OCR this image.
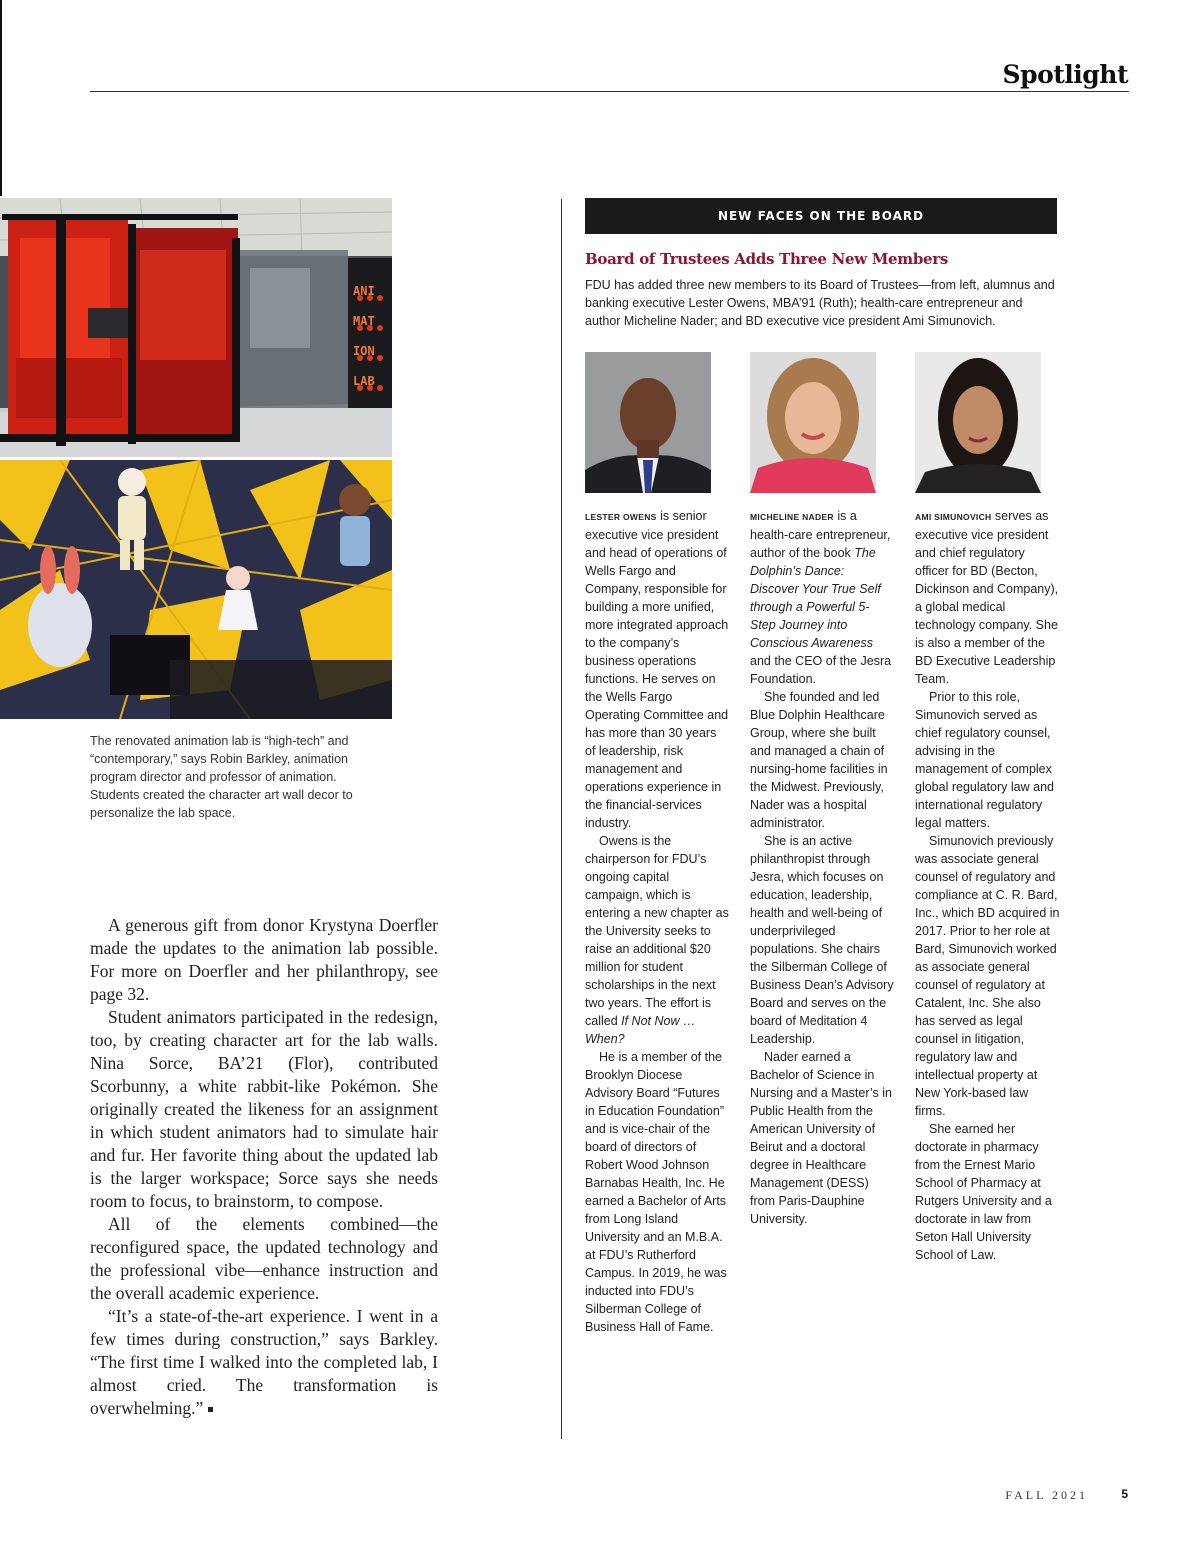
Spotlight
ANI
MAT
ION
LAB

The renovated animation lab is “high-tech” and “contemporary,” says Robin Barkley, animation program director and professor of animation. Students created the character art wall decor to personalize the lab space.

A generous gift from donor Krystyna Doerfler made the updates to the animation lab possible. For more on Doerfler and her philanthropy, see page 32.

Student animators participated in the redesign, too, by creating character art for the lab walls. Nina Sorce, BA’21 (Flor), contributed Scorbunny, a white rabbit-like Pokémon. She originally created the likeness for an assignment in which student animators had to simulate hair and fur. Her favorite thing about the updated lab is the larger workspace; Sorce says she needs room to focus, to brainstorm, to compose.

All of the elements combined—the reconfigured space, the updated technology and the professional vibe—enhance instruction and the overall academic experience.

“It’s a state-of-the-art experience. I went in a few times during construction,” says Barkley. “The first time I walked into the completed lab, I almost cried. The transformation is overwhelming.”

NEW FACES ON THE BOARD
Board of Trustees Adds Three New Members

FDU has added three new members to its Board of Trustees—from left, alumnus and banking executive Lester Owens, MBA’91 (Ruth); health-care entrepreneur and author Micheline Nader; and BD executive vice president Ami Simunovich.

LESTER OWENS is senior executive vice president and head of operations of Wells Fargo and Company, responsible for building a more unified, more integrated approach to the company’s business operations functions. He serves on the Wells Fargo Operating Committee and has more than 30 years of leadership, risk management and operations experience in the financial-services industry.

Owens is the chairperson for FDU’s ongoing capital campaign, which is entering a new chapter as the University seeks to raise an additional $20 million for student scholarships in the next two years. The effort is called If Not Now …When?

He is a member of the Brooklyn Diocese Advisory Board “Futures in Education Foundation” and is vice-chair of the board of directors of Robert Wood Johnson Barnabas Health, Inc. He earned a Bachelor of Arts from Long Island University and an M.B.A. at FDU’s Rutherford Campus. In 2019, he was inducted into FDU’s Silberman College of Business Hall of Fame.

MICHELINE NADER is a health-care entrepreneur, author of the book The Dolphin’s Dance: Discover Your True Self through a Powerful 5-Step Journey into Conscious Awareness and the CEO of the Jesra Foundation.

She founded and led Blue Dolphin Healthcare Group, where she built and managed a chain of nursing-home facilities in the Midwest. Previously, Nader was a hospital administrator.

She is an active philanthropist through Jesra, which focuses on education, leadership, health and well-being of underprivileged populations. She chairs the Silberman College of Business Dean’s Advisory Board and serves on the board of Meditation 4 Leadership.

Nader earned a Bachelor of Science in Nursing and a Master’s in Public Health from the American University of Beirut and a doctoral degree in Healthcare Management (DESS) from Paris-Dauphine University.

AMI SIMUNOVICH serves as executive vice president and chief regulatory officer for BD (Becton, Dickinson and Company), a global medical technology company. She is also a member of the BD Executive Leadership Team.

Prior to this role, Simunovich served as chief regulatory counsel, advising in the management of complex global regulatory law and international regulatory legal matters.

Simunovich previously was associate general counsel of regulatory and compliance at C. R. Bard, Inc., which BD acquired in 2017. Prior to her role at Bard, Simunovich worked as associate general counsel of regulatory at Catalent, Inc. She also has served as legal counsel in litigation, regulatory law and intellectual property at New York-based law firms.

She earned her doctorate in pharmacy from the Ernest Mario School of Pharmacy at Rutgers University and a doctorate in law from Seton Hall University School of Law.

FALL 2021	5
